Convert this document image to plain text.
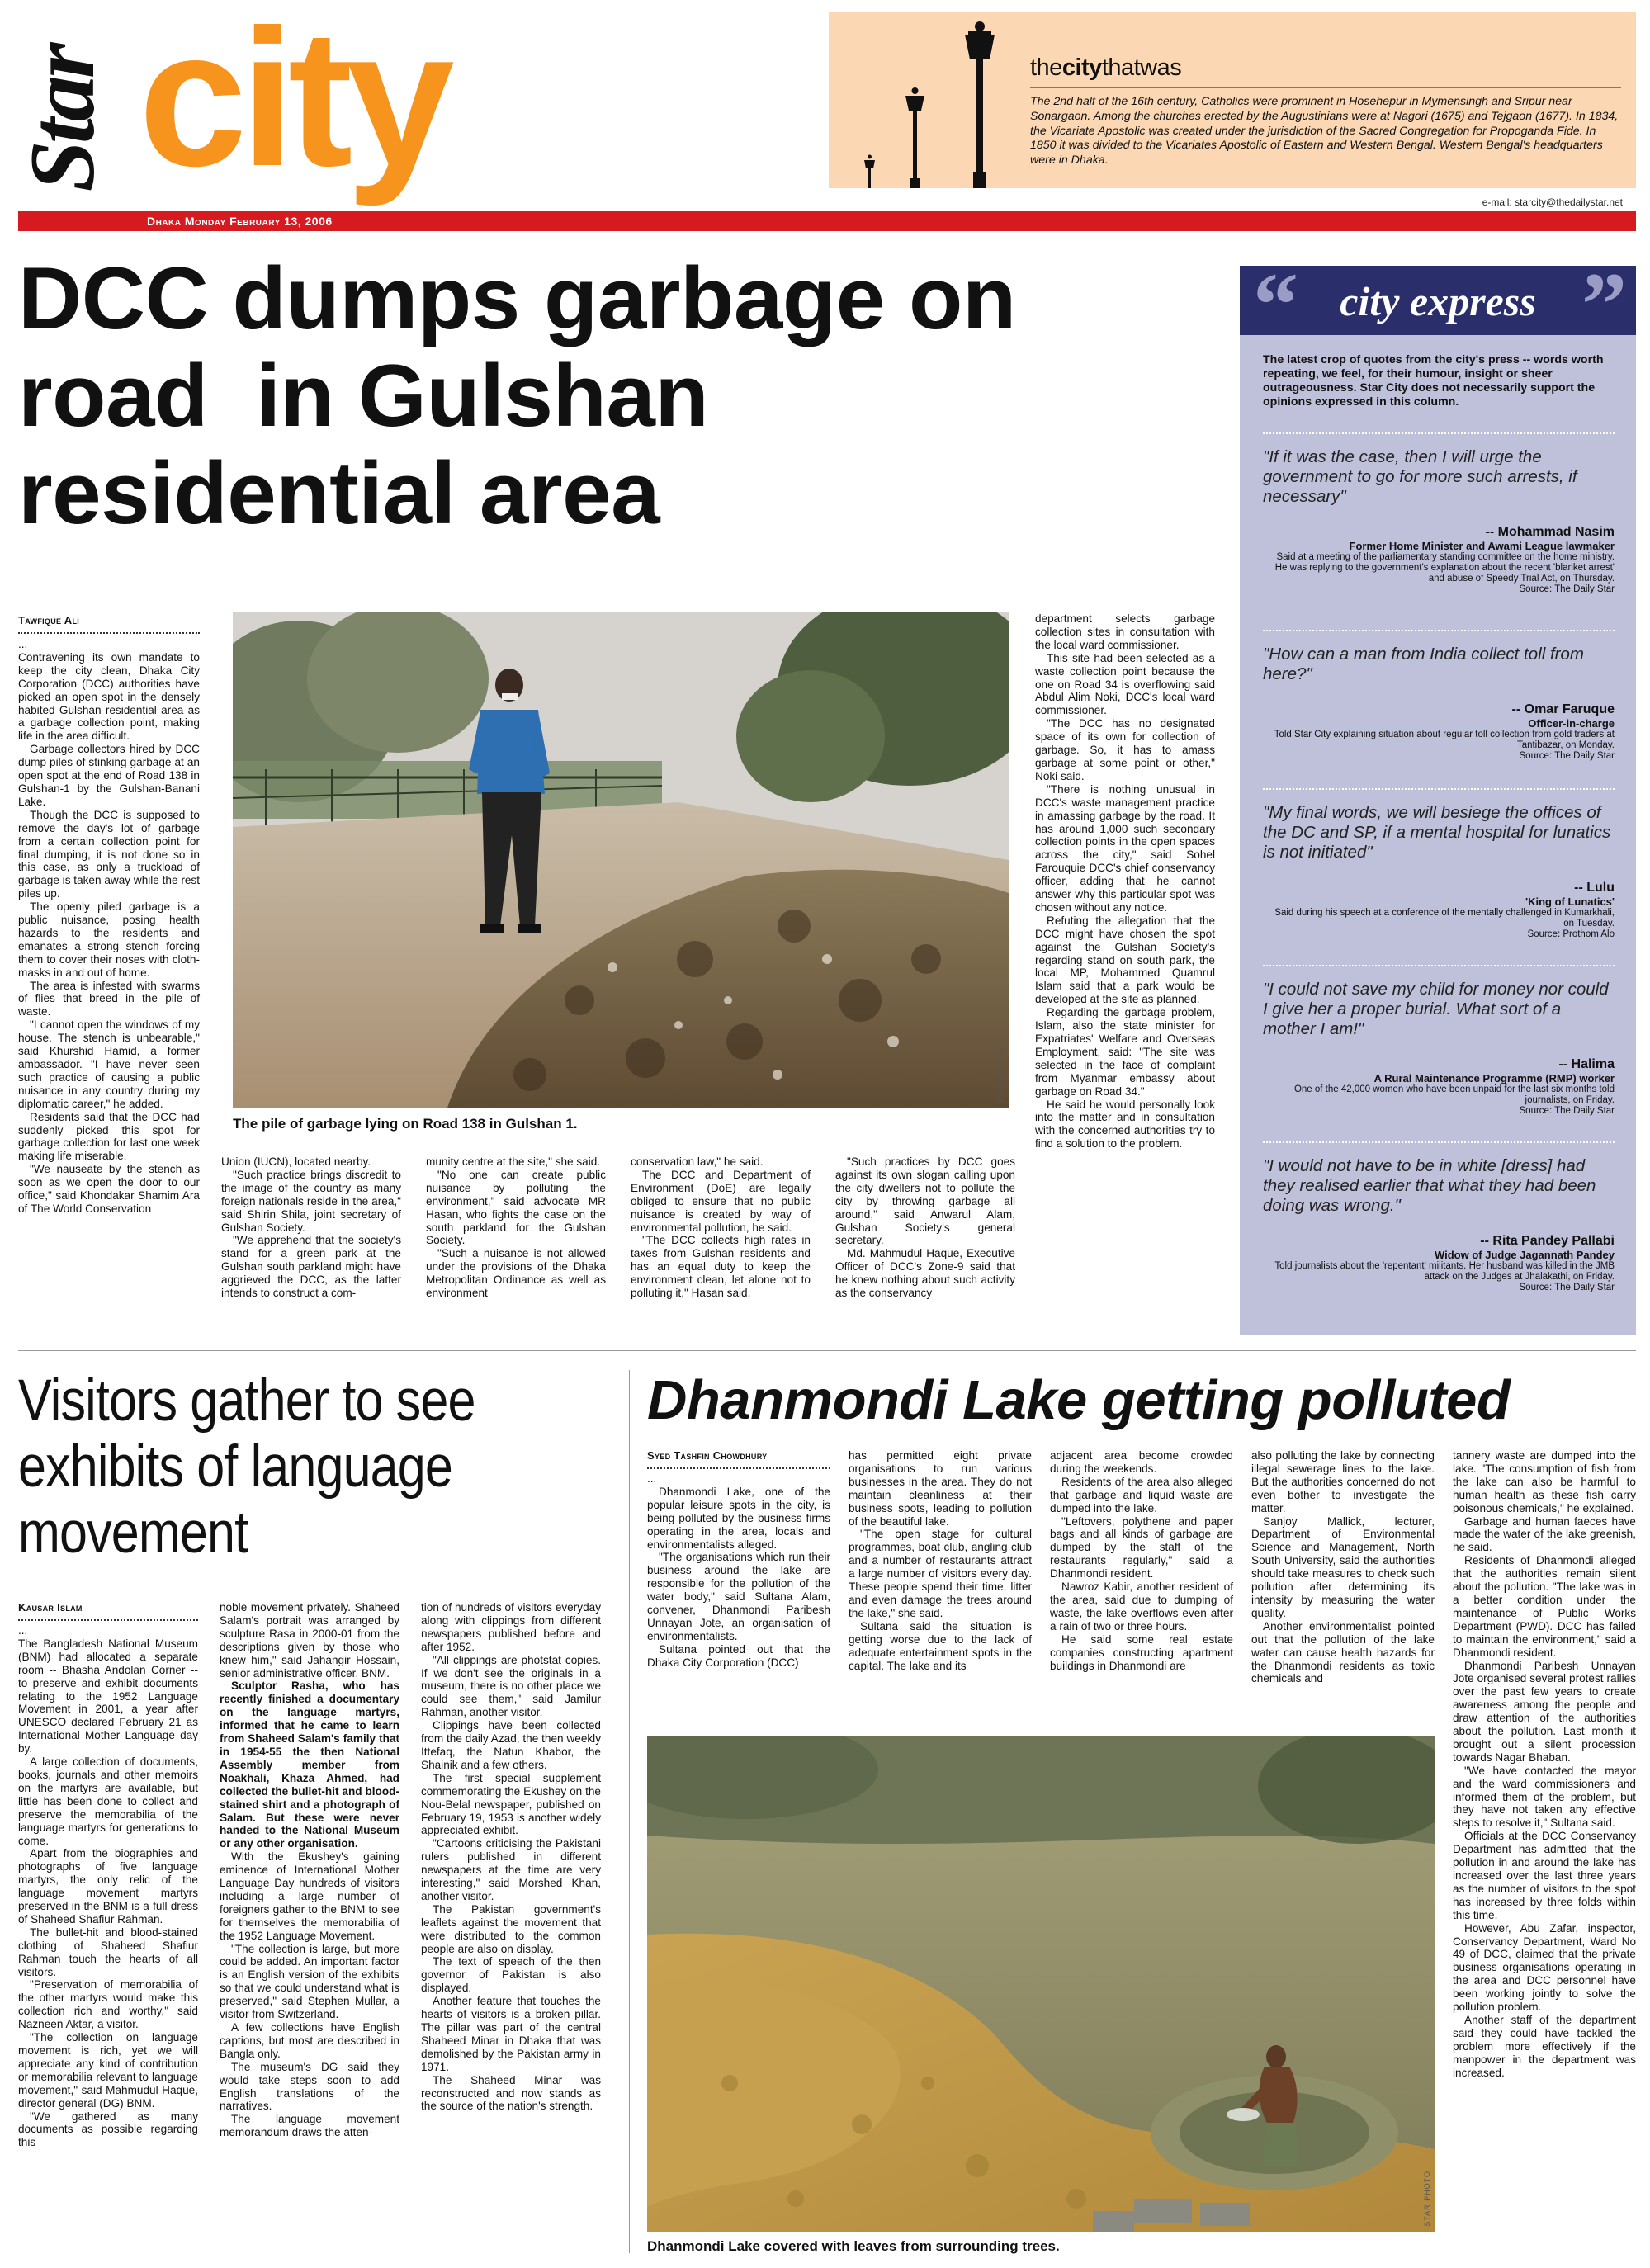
Star city
Dhaka Monday February 13, 2006
e-mail: starcity@thedailystar.net
thecitythatwas
The 2nd half of the 16th century, Catholics were prominent in Hosehepur in Mymensingh and Sripur near Sonargaon. Among the churches erected by the Augustinians were at Nagori (1675) and Tejgaon (1677). In 1834, the Vicariate Apostolic was created under the jurisdiction of the Sacred Congregation for Propoganda Fide. In 1850 it was divided to the Vicariates Apostolic of Eastern and Western Bengal. Western Bengal's headquarters were in Dhaka.
DCC dumps garbage on
road  in Gulshan
residential area
Tawfique Ali

...

Contravening its own mandate to keep the city clean, Dhaka City Corporation (DCC) authorities have picked an open spot in the densely habited Gulshan residential area as a garbage collection point, making life in the area difficult.

Garbage collectors hired by DCC dump piles of stinking garbage at an open spot at the end of Road 138 in Gulshan-1 by the Gulshan-Banani Lake.

Though the DCC is supposed to remove the day's lot of garbage from a certain collection point for final dumping, it is not done so in this case, as only a truckload of garbage is taken away while the rest piles up.

The openly piled garbage is a public nuisance, posing health hazards to the residents and emanates a strong stench forcing them to cover their noses with cloth-masks in and out of home.

The area is infested with swarms of flies that breed in the pile of waste.

"I cannot open the windows of my house. The stench is unbearable," said Khurshid Hamid, a former ambassador. "I have never seen such practice of causing a public nuisance in any country during my diplomatic career," he added.

Residents said that the DCC had suddenly picked this spot for garbage collection for last one week making life miserable.

"We nauseate by the stench as soon as we open the door to our office," said Khondakar Shamim Ara of The World Conservation

STAR PHOTO
The pile of garbage lying on Road 138 in Gulshan 1.

Union (IUCN), located nearby.

"Such practice brings discredit to the image of the country as many foreign nationals reside in the area," said Shirin Shila, joint secretary of Gulshan Society.

"We apprehend that the society's stand for a green park at the Gulshan south parkland might have aggrieved the DCC, as the latter intends to construct a com-

munity centre at the site," she said.

"No one can create public nuisance by polluting the environment," said advocate MR Hasan, who fights the case on the south parkland for the Gulshan Society.

"Such a nuisance is not allowed under the provisions of the Dhaka Metropolitan Ordinance as well as environment

conservation law," he said.

The DCC and Department of Environment (DoE) are legally obliged to ensure that no public nuisance is created by way of environmental pollution, he said.

"The DCC collects high rates in taxes from Gulshan residents and has an equal duty to keep the environment clean, let alone not to polluting it," Hasan said.

"Such practices by DCC goes against its own slogan calling upon the city dwellers not to pollute the city by throwing garbage all around," said Anwarul Alam, Gulshan Society's general secretary.

Md. Mahmudul Haque, Executive Officer of DCC's Zone-9 said that he knew nothing about such activity as the conservancy

department selects garbage collection sites in consultation with the local ward commissioner.

This site had been selected as a waste collection point because the one on Road 34 is overflowing said Abdul Alim Noki, DCC's local ward commissioner.

"The DCC has no designated space of its own for collection of garbage. So, it has to amass garbage at some point or other," Noki said.

"There is nothing unusual in DCC's waste management practice in amassing garbage by the road. It has around 1,000 such secondary collection points in the open spaces across the city," said Sohel Farouquie DCC's chief conservancy officer, adding that he cannot answer why this particular spot was chosen without any notice.

Refuting the allegation that the DCC might have chosen the spot against the Gulshan Society's regarding stand on south park, the local MP, Mohammed Quamrul Islam said that a park would be developed at the site as planned.

Regarding the garbage problem, Islam, also the state minister for Expatriates' Welfare and Overseas Employment, said: "The site was selected in the face of complaint from Myanmar embassy about garbage on Road 34."

He said he would personally look into the matter and in consultation with the concerned authorities try to find a solution to the problem.

“	city express ”
The latest crop of quotes from the city's press -- words worth repeating, we feel, for their humour, insight or sheer outrageousness. Star City does not necessarily support the opinions expressed in this column.
"If it was the case, then I will urge the government to go for more such arrests, if necessary"
-- Mohammad Nasim
Former Home Minister and Awami League lawmaker
Said at a meeting of the parliamentary standing committee on the home ministry. He was replying to the government's explanation about the recent 'blanket arrest' and abuse of Speedy Trial Act, on Thursday.
Source: The Daily Star
"How can a man from India collect toll from here?"
-- Omar Faruque
Officer-in-charge
Told Star City explaining situation about regular toll collection from gold traders at Tantibazar, on Monday.
Source: The Daily Star
"My final words, we will besiege the offices of the DC and SP, if a mental hospital for lunatics is not initiated"
-- Lulu
'King of Lunatics'
Said during his speech at a conference of the mentally challenged in Kumarkhali, on Tuesday.
Source: Prothom Alo
"I could not save my child for money nor could I give her a proper burial. What sort of a mother I am!"
-- Halima
A Rural Maintenance Programme (RMP) worker
One of the 42,000 women who have been unpaid for the last six months told journalists, on Friday.
Source: The Daily Star
"I would not have to be in white [dress] had they realised earlier that what they had been doing was wrong."
-- Rita Pandey Pallabi
Widow of Judge Jagannath Pandey
Told journalists about the 'repentant' militants. Her husband was killed in the JMB attack on the Judges at Jhalakathi, on Friday.
Source: The Daily Star
Visitors gather to see
exhibits of language
movement
Kausar Islam

...

The Bangladesh National Museum (BNM) had allocated a separate room -- Bhasha Andolan Corner -- to preserve and exhibit documents relating to the 1952 Language Movement in 2001, a year after UNESCO declared February 21 as International Mother Language day by.

A large collection of documents, books, journals and other memoirs on the martyrs are available, but little has been done to collect and preserve the memorabilia of the language martyrs for generations to come.

Apart from the biographies and photographs of five language martyrs, the only relic of the language movement martyrs preserved in the BNM is a full dress of Shaheed Shafiur Rahman.

The bullet-hit and blood-stained clothing of Shaheed Shafiur Rahman touch the hearts of all visitors.

"Preservation of memorabilia of the other martyrs would make this collection rich and worthy," said Nazneen Aktar, a visitor.

"The collection on language movement is rich, yet we will appreciate any kind of contribution or memorabilia relevant to language movement," said Mahmudul Haque, director general (DG) BNM.

"We gathered as many documents as possible regarding this

noble movement privately. Shaheed Salam's portrait was arranged by sculpture Rasa in 2000-01 from the descriptions given by those who knew him," said Jahangir Hossain, senior administrative officer, BNM.

Sculptor Rasha, who has recently finished a documentary on the language martyrs, informed that he came to learn from Shaheed Salam's family that in 1954-55 the then National Assembly member from Noakhali, Khaza Ahmed, had collected the bullet-hit and blood-stained shirt and a photograph of Salam. But these were never handed to the National Museum or any other organisation.

With the Ekushey's gaining eminence of International Mother Language Day hundreds of visitors including a large number of foreigners gather to the BNM to see for themselves the memorabilia of the 1952 Language Movement.

"The collection is large, but more could be added. An important factor is an English version of the exhibits so that we could understand what is preserved," said Stephen Mullar, a visitor from Switzerland.

A few collections have English captions, but most are described in Bangla only.

The museum's DG said they would take steps soon to add English translations of the narratives.

The language movement memorandum draws the atten-

tion of hundreds of visitors everyday along with clippings from different newspapers published before and after 1952.

"All clippings are photstat copies. If we don't see the originals in a museum, there is no other place we could see them," said Jamilur Rahman, another visitor.

Clippings have been collected from the daily Azad, the then weekly Ittefaq, the Natun Khabor, the Shainik and a few others.

The first special supplement commemorating the Ekushey on the Nou-Belal newspaper, published on February 19, 1953 is another widely appreciated exhibit.

"Cartoons criticising the Pakistani rulers published in different newspapers at the time are very interesting," said Morshed Khan, another visitor.

The Pakistan government's leaflets against the movement that were distributed to the common people are also on display.

The text of speech of the then governor of Pakistan is also displayed.

Another feature that touches the hearts of visitors is a broken pillar. The pillar was part of the central Shaheed Minar in Dhaka that was demolished by the Pakistan army in 1971.

The Shaheed Minar was reconstructed and now stands as the source of the nation's strength.

Dhanmondi Lake getting polluted
Syed Tashfin Chowdhury

...

Dhanmondi Lake, one of the popular leisure spots in the city, is being polluted by the business firms operating in the area, locals and environmentalists alleged.

"The organisations which run their business around the lake are responsible for the pollution of the water body," said Sultana Alam, convener, Dhanmondi Paribesh Unnayan Jote, an organisation of environmentalists.

Sultana pointed out that the Dhaka City Corporation (DCC)

has permitted eight private organisations to run various businesses in the area. They do not maintain cleanliness at their business spots, leading to pollution of the beautiful lake.

"The open stage for cultural programmes, boat club, angling club and a number of restaurants attract a large number of visitors every day. These people spend their time, litter and even damage the trees around the lake," she said.

Sultana said the situation is getting worse due to the lack of adequate entertainment spots in the capital. The lake and its

adjacent area become crowded during the weekends.

Residents of the area also alleged that garbage and liquid waste are dumped into the lake.

"Leftovers, polythene and paper bags and all kinds of garbage are dumped by the staff of the restaurants regularly," said a Dhanmondi resident.

Nawroz Kabir, another resident of the area, said due to dumping of waste, the lake overflows even after a rain of two or three hours.

He said some real estate companies constructing apartment buildings in Dhanmondi are

also polluting the lake by connecting illegal sewerage lines to the lake. But the authorities concerned do not even bother to investigate the matter.

Sanjoy Mallick, lecturer, Department of Environmental Science and Management, North South University, said the authorities should take measures to check such pollution after determining its intensity by measuring the water quality.

Another environmentalist pointed out that the pollution of the lake water can cause health hazards for the Dhanmondi residents as toxic chemicals and

tannery waste are dumped into the lake. "The consumption of fish from the lake can also be harmful to human health as these fish carry poisonous chemicals," he explained.

Garbage and human faeces have made the water of the lake greenish, he said.

Residents of Dhanmondi alleged that the authorities remain silent about the pollution. "The lake was in a better condition under the maintenance of Public Works Department (PWD). DCC has failed to maintain the environment," said a Dhanmondi resident.

Dhanmondi Paribesh Unnayan Jote organised several protest rallies over the past few years to create awareness among the people and draw attention of the authorities about the pollution. Last month it brought out a silent procession towards Nagar Bhaban.

"We have contacted the mayor and the ward commissioners and informed them of the problem, but they have not taken any effective steps to resolve it," Sultana said.

Officials at the DCC Conservancy Department has admitted that the pollution in and around the lake has increased over the last three years as the number of visitors to the spot has increased by three folds within this time.

However, Abu Zafar, inspector, Conservancy Department, Ward No 49 of DCC, claimed that the private business organisations operating in the area and DCC personnel have been working jointly to solve the pollution problem.

Another staff of the department said they could have tackled the problem more effectively if the manpower in the department was increased.

STAR PHOTO
Dhanmondi Lake covered with leaves from surrounding trees.
